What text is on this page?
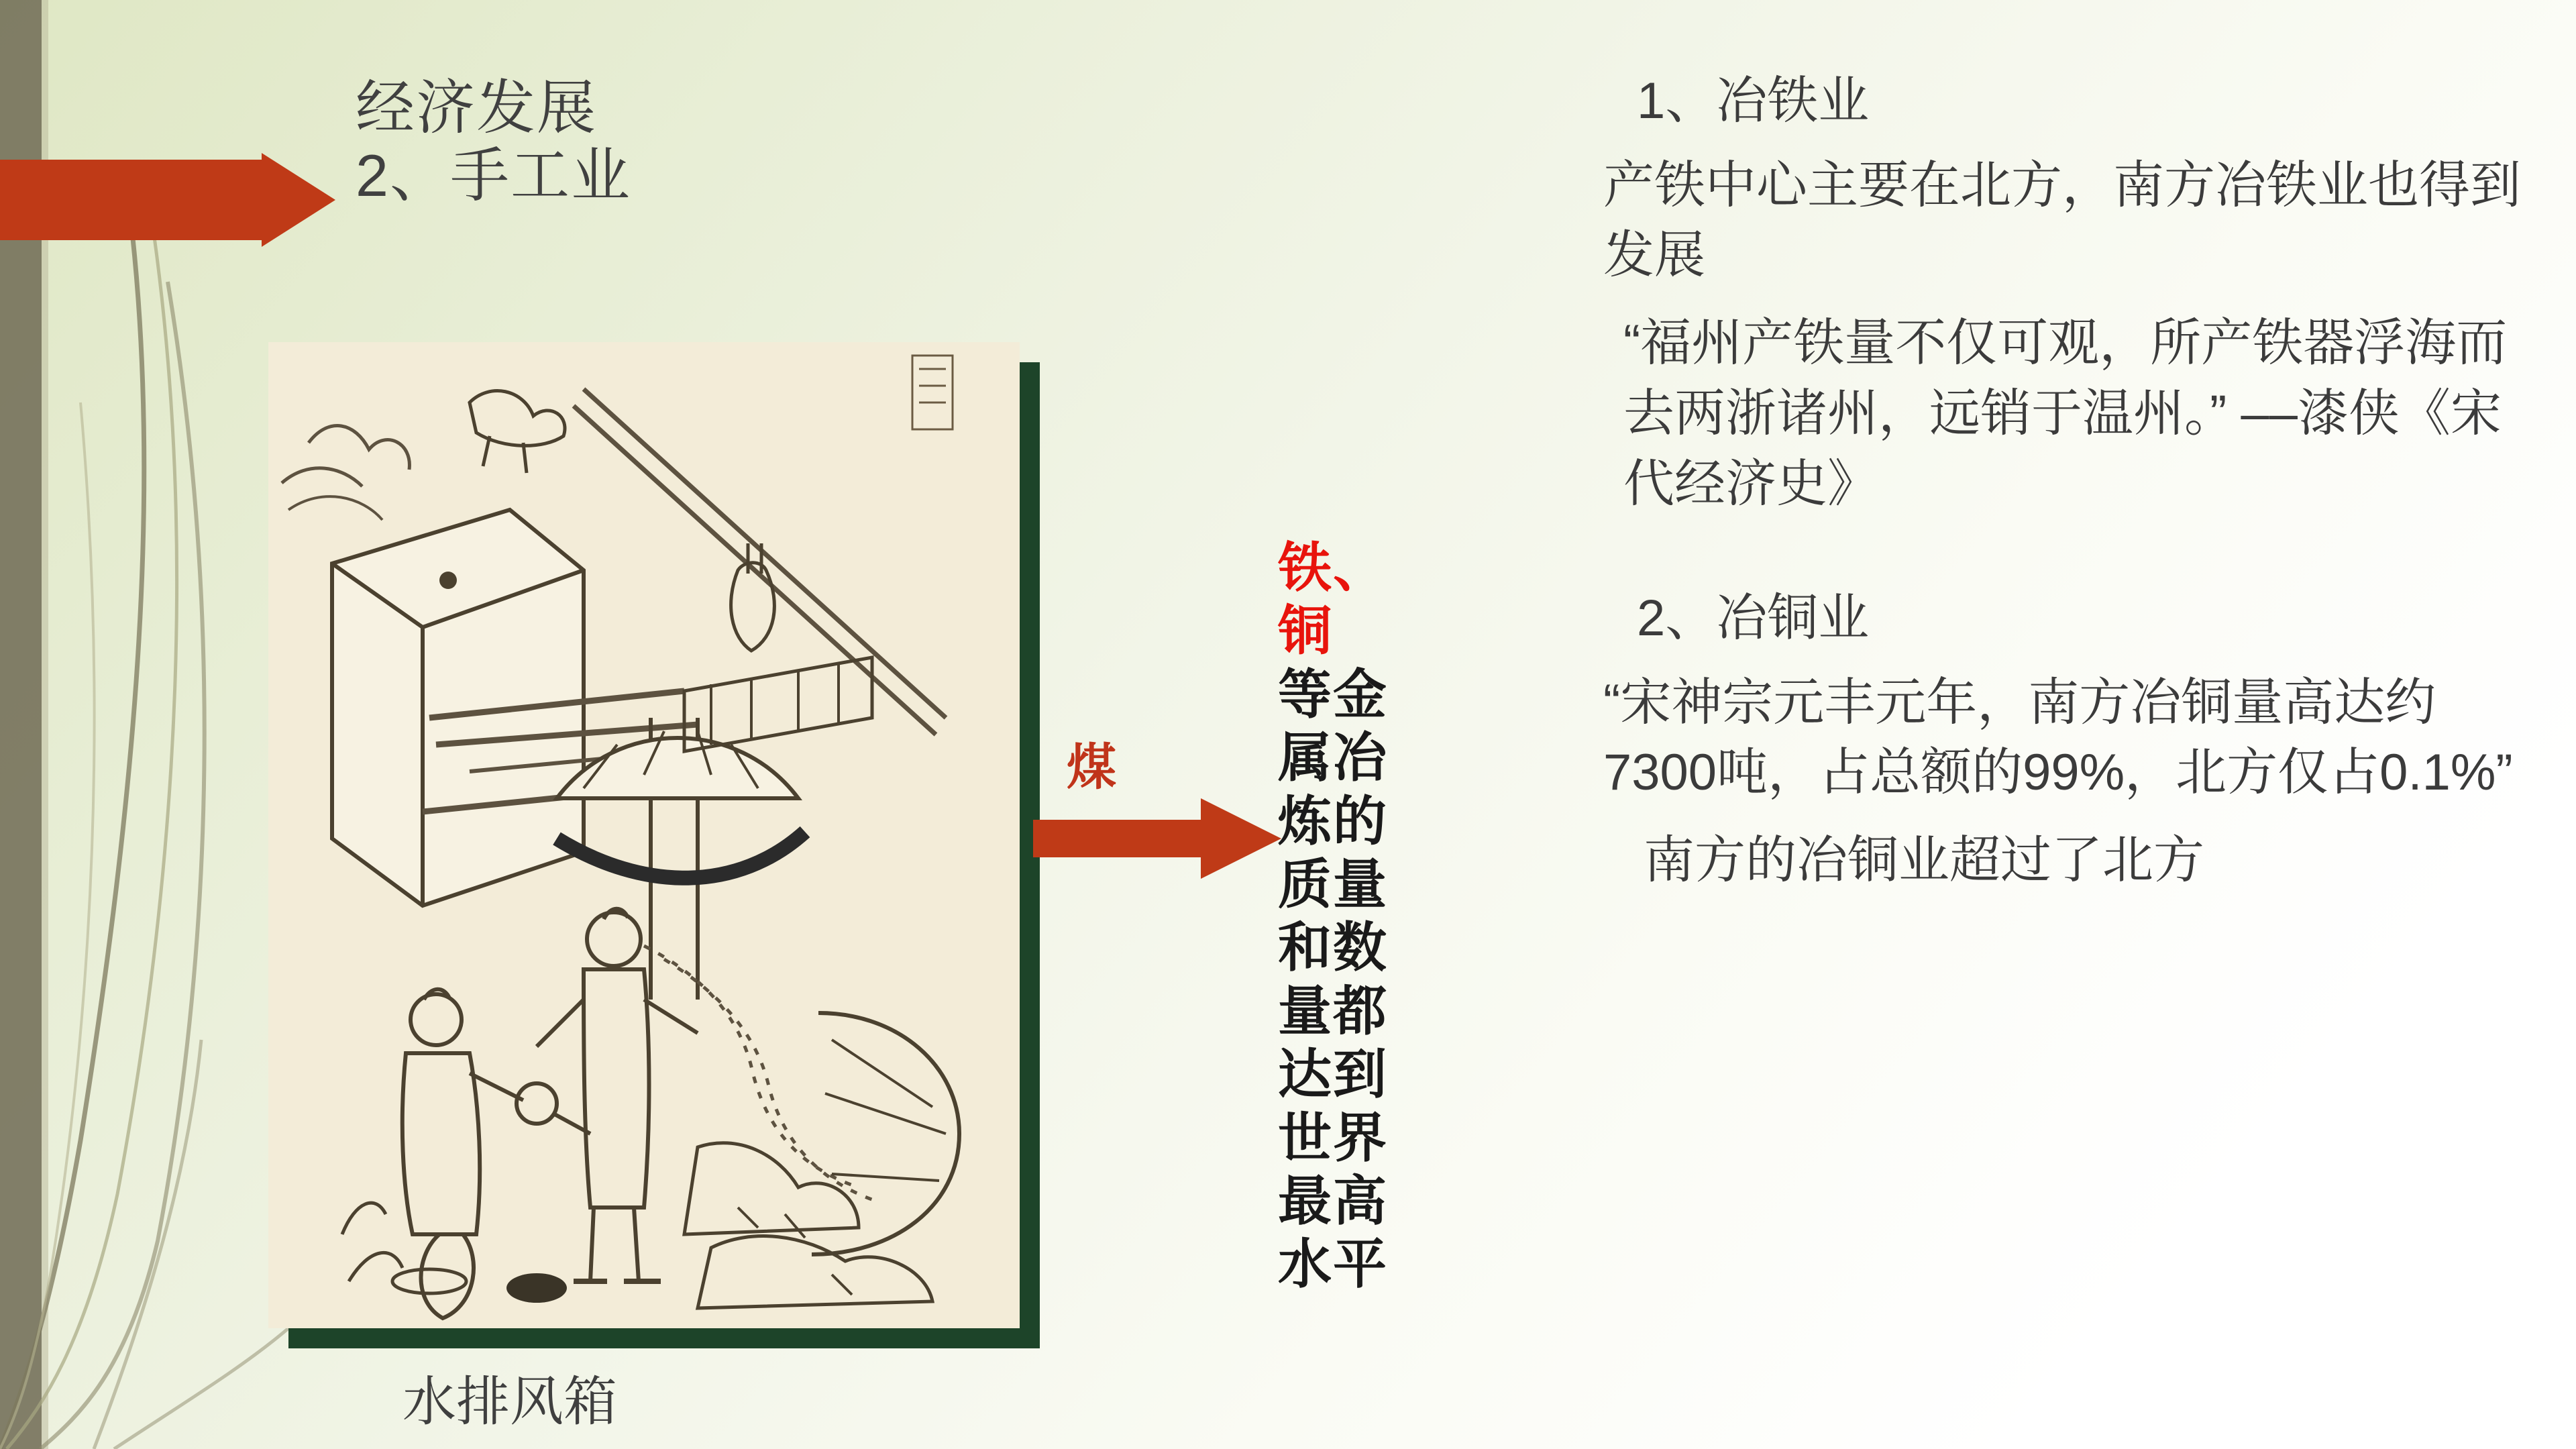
经济发展
2、手工业
水排风箱
煤
铁、铜
等金属冶炼的质量和数量都达到世界最高水平
1、冶铁业
产铁中心主要在北方，南方冶铁业也得到发展
“福州产铁量不仅可观，所产铁器浮海而去两浙诸州，远销于温州。” ––漆侠《宋代经济史》
2、冶铜业
“宋神宗元丰元年，南方冶铜量高达约7300吨，占总额的99%，北方仅占0.1%”
南方的冶铜业超过了北方
